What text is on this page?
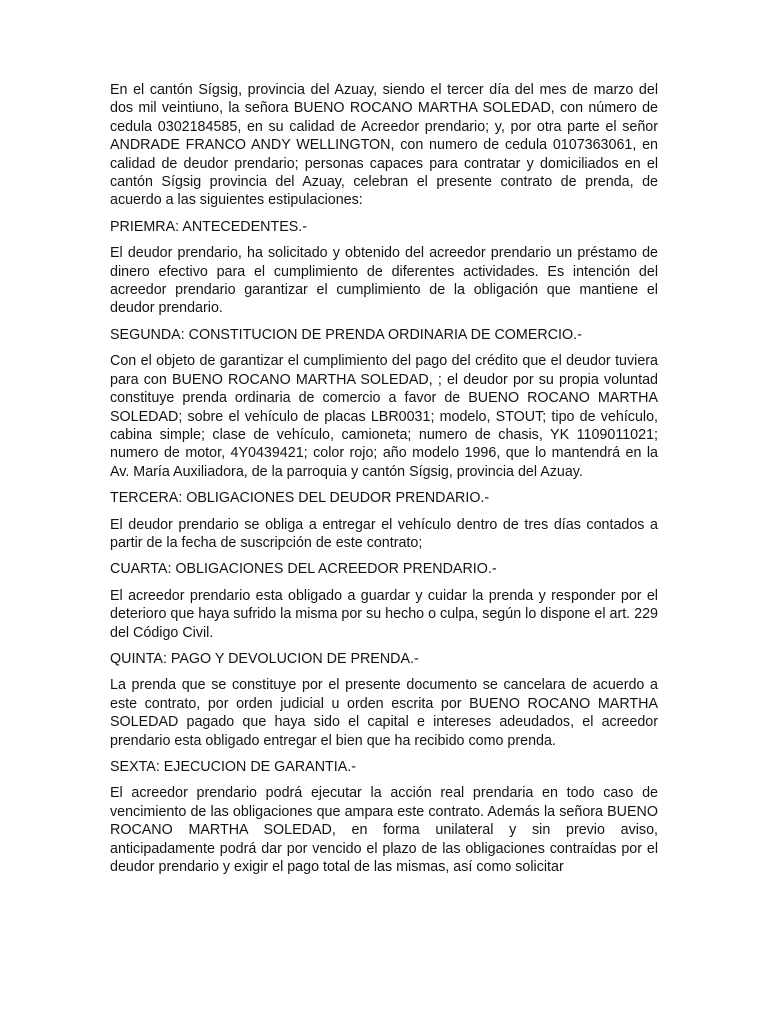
En el cantón Sígsig, provincia del Azuay, siendo el tercer día del mes de marzo del dos mil veintiuno, la señora BUENO ROCANO MARTHA SOLEDAD, con número de cedula 0302184585, en su calidad de Acreedor prendario; y, por otra parte el señor ANDRADE FRANCO ANDY WELLINGTON, con numero de cedula 0107363061, en calidad de deudor prendario; personas capaces para contratar y domiciliados en el cantón Sígsig provincia del Azuay, celebran el presente contrato de prenda, de acuerdo a las siguientes estipulaciones:

PRIEMRA: ANTECEDENTES.-

El deudor prendario, ha solicitado y obtenido del acreedor prendario un préstamo de dinero efectivo para el cumplimiento de diferentes actividades. Es intención del acreedor prendario garantizar el cumplimiento de la obligación que mantiene el deudor prendario.

SEGUNDA: CONSTITUCION DE PRENDA ORDINARIA DE COMERCIO.-

Con el objeto de garantizar el cumplimiento del pago del crédito que el deudor tuviera para con BUENO ROCANO MARTHA SOLEDAD, ; el deudor por su propia voluntad constituye prenda ordinaria de comercio a favor de BUENO ROCANO MARTHA SOLEDAD; sobre el vehículo de placas LBR0031; modelo, STOUT; tipo de vehículo, cabina simple; clase de vehículo, camioneta; numero de chasis, YK 1109011021; numero de motor, 4Y0439421; color rojo; año modelo 1996, que lo mantendrá en la Av. María Auxiliadora, de la parroquia y cantón Sígsig, provincia del Azuay.

TERCERA: OBLIGACIONES DEL DEUDOR PRENDARIO.-

El deudor prendario se obliga a entregar el vehículo dentro de tres días contados a partir de la fecha de suscripción de este contrato;

CUARTA: OBLIGACIONES DEL ACREEDOR PRENDARIO.-

El acreedor prendario esta obligado a guardar y cuidar la prenda y responder por el deterioro que haya sufrido la misma por su hecho o culpa, según lo dispone el art. 229 del Código Civil.

QUINTA: PAGO Y DEVOLUCION DE PRENDA.-

La prenda que se constituye por el presente documento se cancelara de acuerdo a este contrato, por orden judicial u orden escrita por BUENO ROCANO MARTHA SOLEDAD pagado que haya sido el capital e intereses adeudados, el acreedor prendario esta obligado entregar el bien que ha recibido como prenda.

SEXTA: EJECUCION DE GARANTIA.-

El acreedor prendario podrá ejecutar la acción real prendaria en todo caso de vencimiento de las obligaciones que ampara este contrato. Además la señora BUENO ROCANO MARTHA SOLEDAD, en forma unilateral y sin previo aviso, anticipadamente podrá dar por vencido el plazo de las obligaciones contraídas por el deudor prendario y exigir el pago total de las mismas, así como solicitar
